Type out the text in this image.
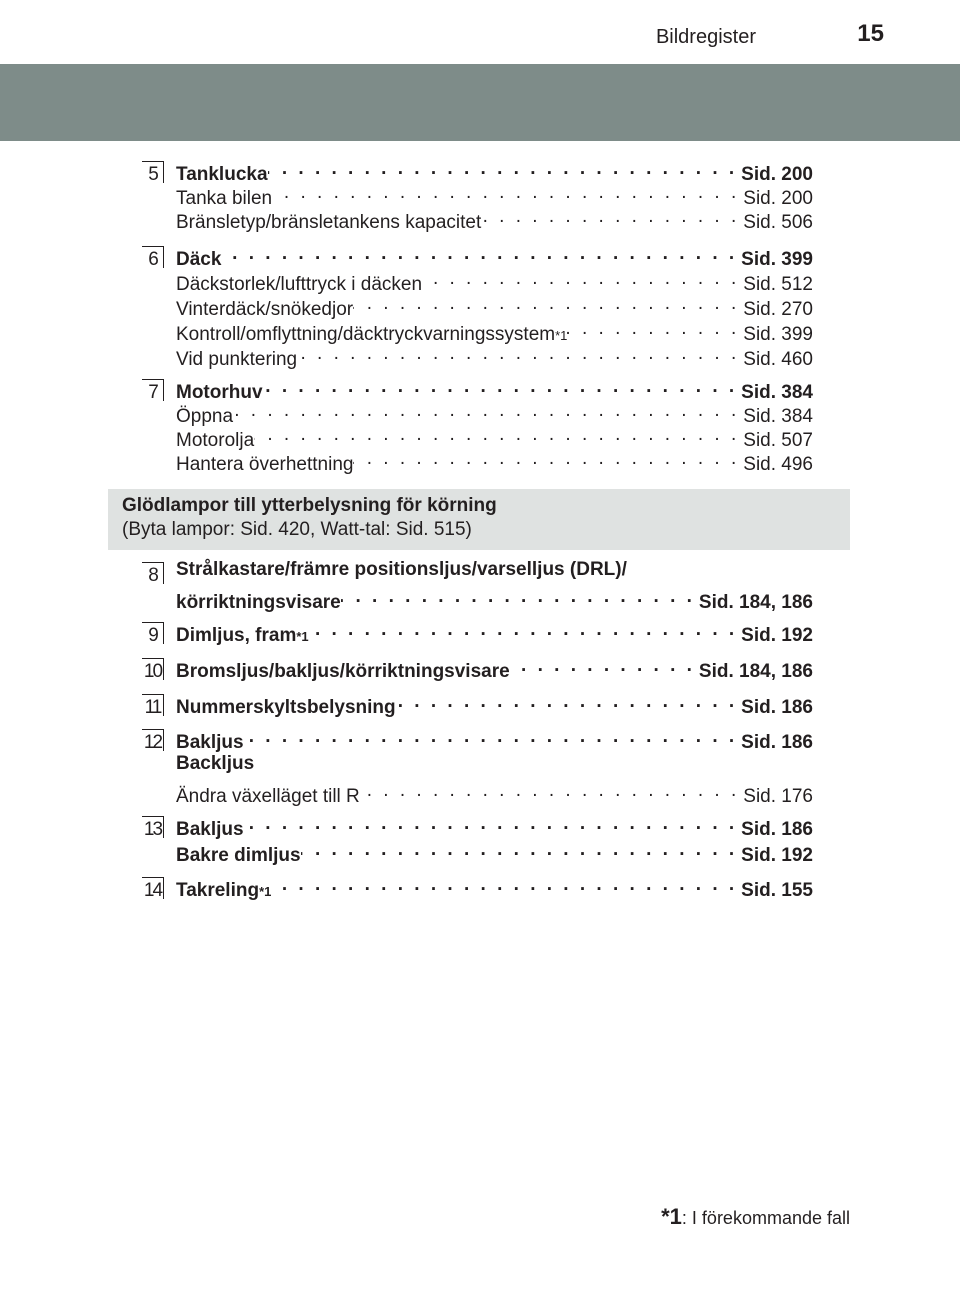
Bildregister	15
5	Tanklucka . . .	Sid. 200
Tanka bilen . . .	Sid. 200
Bränsletyp/bränsletankens kapacitet . . .	Sid. 506
6	Däck . . .	Sid. 399
Däckstorlek/lufttryck i däcken . . .	Sid. 512
Vinterdäck/snökedjor . . .	Sid. 270
Kontroll/omflyttning/däcktryckvarningssystem *1 . . .	Sid. 399
Vid punktering . . .	Sid. 460
7	Motorhuv . . .	Sid. 384
Öppna . . .	Sid. 384
Motorolja . . .	Sid. 507
Hantera överhettning . . .	Sid. 496
8	Strålkastare/främre positionsljus/varselljus (DRL)/
körriktningsvisare . . .	Sid. 184, 186
9	Dimljus, fram *1 . . .	Sid. 192
10 Bromsljus/bakljus/körriktningsvisare . . .	Sid. 184, 186
11 Nummerskyltsbelysning . . .	Sid. 186
12 Bakljus . . .	Sid. 186
Backljus
Ändra växelläget till R . . .	Sid. 176
13 Bakljus . . .	Sid. 186
Bakre dimljus . . .	Sid. 192
14 Takreling *1 . . .	Sid. 155
Glödlampor till ytterbelysning för körning
(Byta lampor: Sid. 420, Watt-tal: Sid. 515)
*1: I förekommande fall
